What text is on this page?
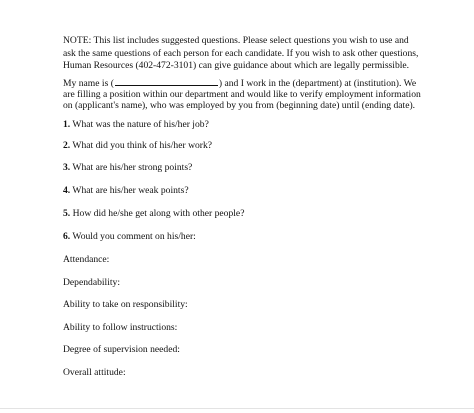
NOTE: This list includes suggested questions. Please select questions you wish to use and ask the same questions of each person for each candidate. If you wish to ask other questions, Human Resources (402-472-3101) can give guidance about which are legally permissible.

My name is (	) and I work in the (department) at (institution). We are filling a position within our department and would like to verify employment information on (applicant's name), who was employed by you from (beginning date) until (ending date).

1. What was the nature of his/her job?

2. What did you think of his/her work?

3. What are his/her strong points?

4. What are his/her weak points?

5. How did he/she get along with other people?

6. Would you comment on his/her:

Attendance:

Dependability:

Ability to take on responsibility:

Ability to follow instructions:

Degree of supervision needed:

Overall attitude:
